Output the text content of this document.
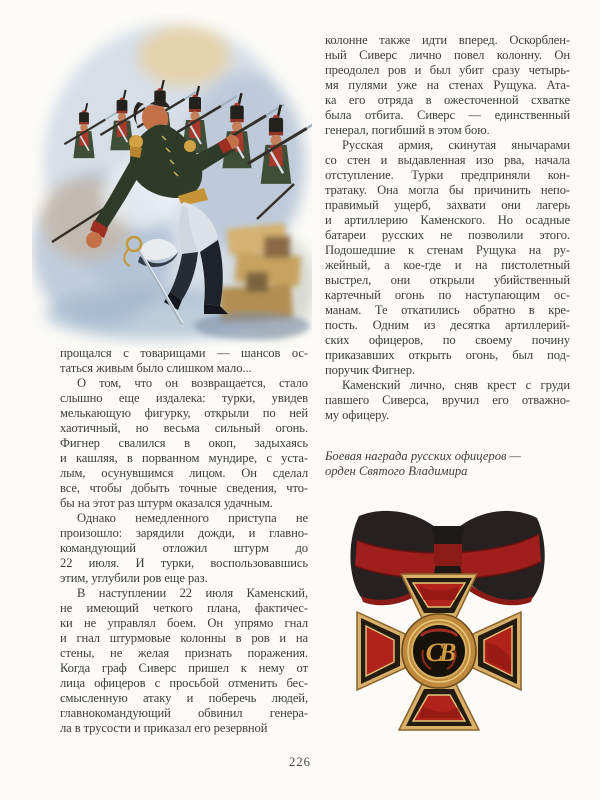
прощался с товарищами — шансов ос-
таться живым было слишком мало...
О том, что он возвращается, стало
слышно еще издалека: турки, увидев
мелькающую фигурку, открыли по ней
хаотичный, но весьма сильный огонь.
Фигнер свалился в окоп, задыхаясь
и кашляя, в порванном мундире, с уста-
лым, осунувшимся лицом. Он сделал
все, чтобы добыть точные сведения, что-
бы на этот раз штурм оказался удачным.
Однако немедленного приступа не
произошло: зарядили дожди, и главно-
командующий отложил штурм до
22 июля. И турки, воспользовавшись
этим, углубили ров еще раз.
В наступлении 22 июля Каменский,
не имеющий четкого плана, фактичес-
ки не управлял боем. Он упрямо гнал
и гнал штурмовые колонны в ров и на
стены, не желая признать поражения.
Когда граф Сиверс пришел к нему от
лица офицеров с просьбой отменить бес-
смысленную атаку и поберечь людей,
главнокомандующий обвинил генера-
ла в трусости и приказал его резервной
колонне также идти вперед. Оскорблен-
ный Сиверс лично повел колонну. Он
преодолел ров и был убит сразу четырь-
мя пулями уже на стенах Рущука. Ата-
ка его отряда в ожесточенной схватке
была отбита. Сиверс — единственный
генерал, погибший в этом бою.
Русская армия, скинутая янычарами
со стен и выдавленная изо рва, начала
отступление. Турки предприняли кон-
тратаку. Она могла бы причинить непо-
правимый ущерб, захвати они лагерь
и артиллерию Каменского. Но осадные
батареи русских не позволили этого.
Подошедшие к стенам Рущука на ру-
жейный, а кое-где и на пистолетный
выстрел, они открыли убийственный
картечный огонь по наступающим ос-
манам. Те откатились обратно в кре-
пость. Одним из десятка артиллерий-
ских офицеров, по своему почину
приказавших открыть огонь, был под-
поручик Фигнер.
Каменский лично, сняв крест с груди
павшего Сиверса, вручил его отважно-
му офицеру.
Боевая награда русских офицеров —
орден Святого Владимира
СВ
226
